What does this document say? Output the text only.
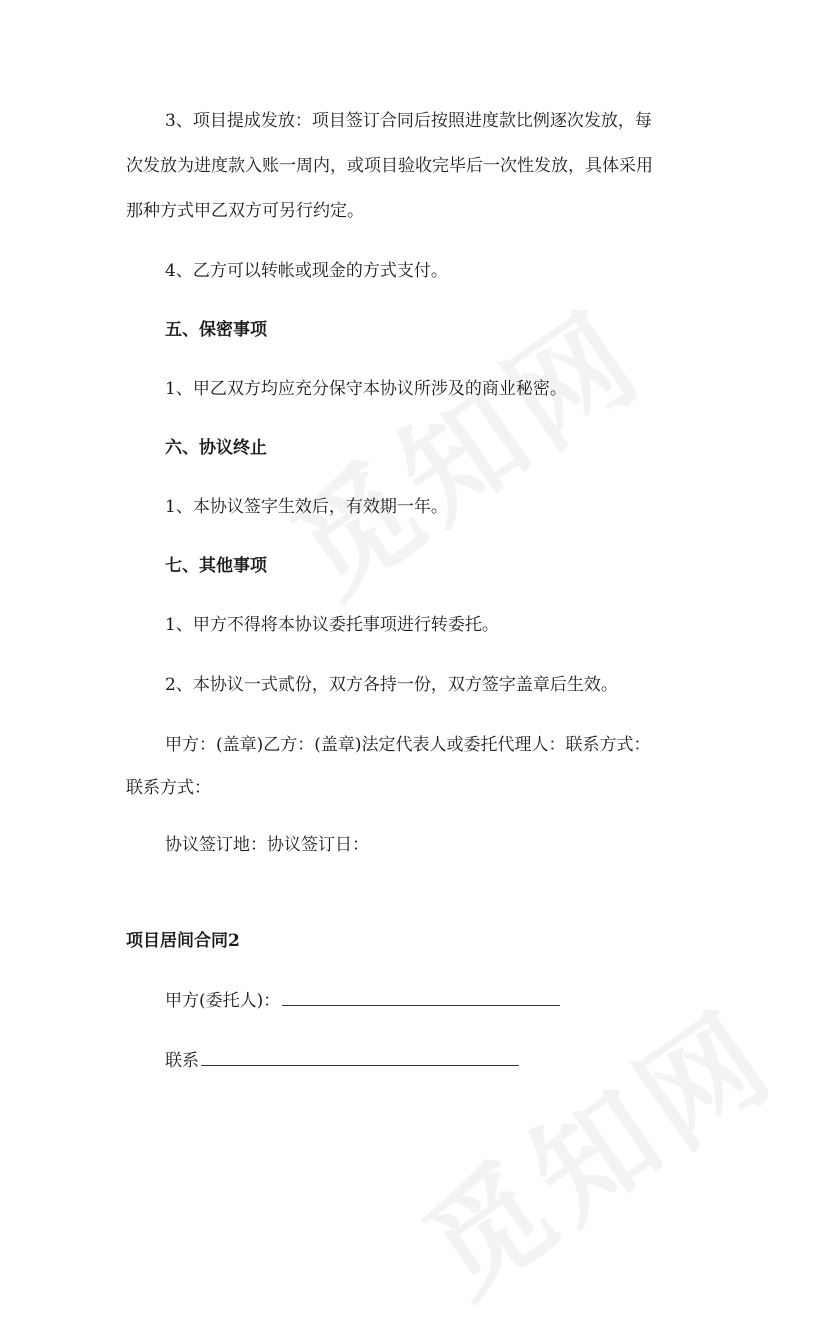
3、项目提成发放：项目签订合同后按照进度款比例逐次发放，每
次发放为进度款入账一周内，或项目验收完毕后一次性发放，具体采用
那种方式甲乙双方可另行约定。
4、乙方可以转帐或现金的方式支付。
五、保密事项
1、甲乙双方均应充分保守本协议所涉及的商业秘密。
六、协议终止
1、本协议签字生效后，有效期一年。
七、其他事项
1、甲方不得将本协议委托事项进行转委托。
2、本协议一式贰份，双方各持一份，双方签字盖章后生效。
甲方：(盖章)乙方：(盖章)法定代表人或委托代理人：联系方式：
联系方式：
协议签订地：协议签订日：
项目居间合同2
甲方(委托人)：
联系
